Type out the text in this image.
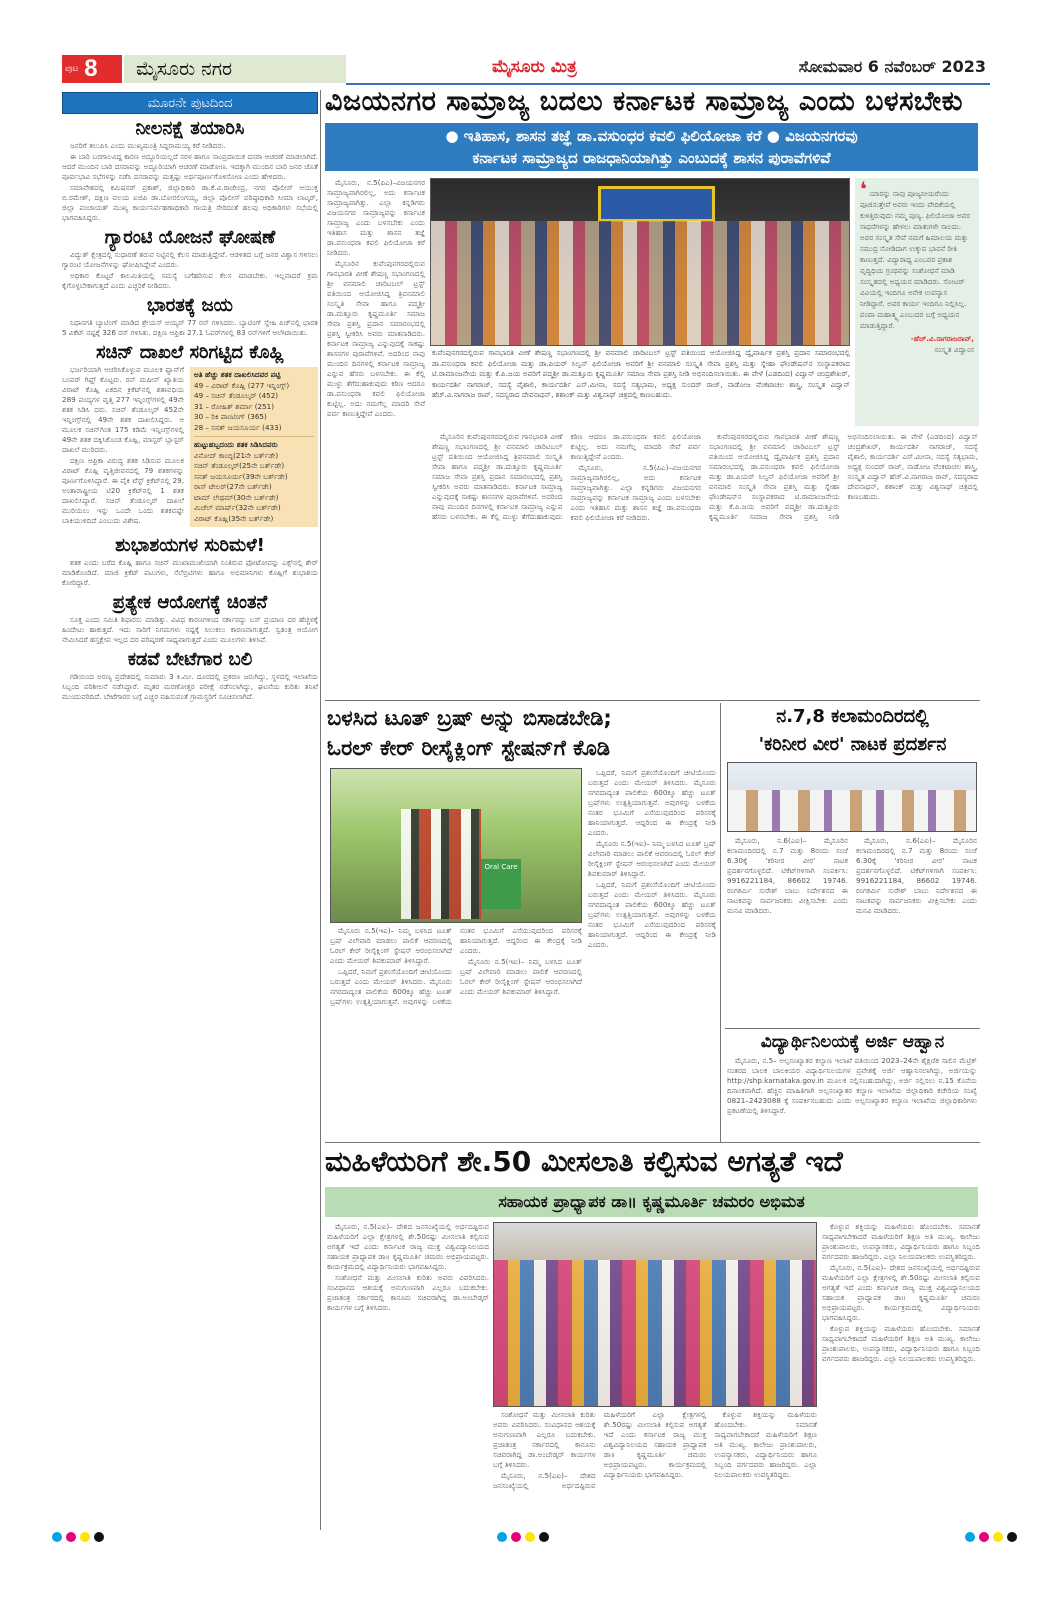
ಪುಟ 8	ಮೈಸೂರು ನಗರ	ಮೈಸೂರು ಮಿತ್ರ	ಸೋಮವಾರ 6 ನವೆಂಬರ್ 2023
ಮೂರನೇ ಪುಟದಿಂದ
ನೀಲನಕ್ಷೆ ತಯಾರಿಸಿ

ಜನರಿಗೆ ತಲುಪಿಸಿ ಎಂದು ಮುಖ್ಯಮಂತ್ರಿ ಸಿದ್ದರಾಮಯ್ಯ ಕರೆ ನೀಡಿದರು.

ಈ ಬಾರಿ ಬರಗಾಲವಿದ್ದ ಕಾರಣ ಅದ್ದೂರಿಯಲ್ಲದೆ ಸರಳ ಹಾಗೂ ಸಾಂಪ್ರದಾಯಿಕ ದಸರಾ ಆಚರಣೆ ಮಾಡಲಾಗಿದೆ. ಆದರೆ ಮುಂದಿನ ಬಾರಿ ದಸರಾವನ್ನು ಅದ್ದೂರಿಯಾಗಿ ಆಚರಣೆ ಮಾಡೋಣ. ಇದಕ್ಕಾಗಿ ಮುಂದಿನ ಬಾರಿ ಜನರ ಜೊತೆ ಪೂರ್ವಭಾವಿ ಸಭೆಗಳನ್ನು ನಡೆಸಿ ದಸರಾವನ್ನು ಮತ್ತಷ್ಟು ಅರ್ಥಪೂರ್ಣಗೊಳಿಸೋಣ ಎಂದು ಹೇಳಿದರು.

ಸಮಾವೇಶದಲ್ಲಿ ಕಮಿಷನರ್ ಪ್ರಕಾಶ್, ಜಿಲ್ಲಾಧಿಕಾರಿ ಡಾ.ಕೆ.ವಿ.ರಾಜೇಂದ್ರ, ನಗರ ಪೊಲೀಸ್ ಆಯುಕ್ತ ಬಿ.ರಮೇಶ್, ದಕ್ಷಿಣ ವಲಯ ಐಜಿಪಿ ಡಾ.ಬೋರಲಿಂಗಯ್ಯ, ಜಿಲ್ಲಾ ಪೊಲೀಸ್ ವರಿಷ್ಠಾಧಿಕಾರಿ ಸೀಮಾ ಲಾಟ್ಕರ್, ಜಿಲ್ಲಾ ಪಂಚಾಯತ್ ಮುಖ್ಯ ಕಾರ್ಯನಿರ್ವಹಣಾಧಿಕಾರಿ ಗಾಯತ್ರಿ ಸೇರಿದಂತೆ ಹಲವು ಅಧಿಕಾರಿಗಳು ಸಭೆಯಲ್ಲಿ ಭಾಗವಹಿಸಿದ್ದರು.

ಗ್ಯಾರಂಟಿ ಯೋಜನೆ ಘೋಷಣೆ

ವಿದ್ಯುತ್ ಕ್ಷೇತ್ರದಲ್ಲಿ ಸುಧಾರಣೆ ತರುವ ನಿಟ್ಟಿನಲ್ಲಿ ಕೆಲಸ ಮಾಡುತ್ತಿದ್ದೇವೆ. ಆಡಳಿತದ ಬಗ್ಗೆ ಜನರ ವಿಶ್ವಾಸ ಗಳಿಸಲು ಗ್ಯಾರಂಟಿ ಯೋಜನೆಗಳನ್ನು ಘೋಷಿಸಿದ್ದೇವೆ ಎಂದರು.

ಅಧಿಕಾರ ಕೊಟ್ಟರೆ ಕಾಲಮಿತಿಯಲ್ಲಿ ಸಮಸ್ಯೆ ಬಗೆಹರಿಸುವ ಕೆಲಸ ಮಾಡಬೇಕು. ಇಲ್ಲವಾದರೆ ಕ್ರಮ ಕೈಗೊಳ್ಳಬೇಕಾಗುತ್ತದೆ ಎಂದು ಎಚ್ಚರಿಕೆ ನೀಡಿದರು.

ಭಾರತಕ್ಕೆ ಜಯ

ನಿಧಾನಗತಿ ಬ್ಯಾಟಿಂಗ್ ಮಾಡಿದ ಶ್ರೇಯಸ್ ಅಯ್ಯರ್ 77 ರನ್ ಗಳಿಸಿದರು. ಬ್ಯಾಟಿಂಗ್ ಸ್ನೇಹಿ ಪಿಚ್‌ನಲ್ಲಿ ಭಾರತ 5 ವಿಕೆಟ್ ನಷ್ಟಕ್ಕೆ 326 ರನ್ ಗಳಿಸಿತು. ದಕ್ಷಿಣ ಆಫ್ರಿಕಾ 27.1 ಓವರ್‌ಗಳಲ್ಲಿ 83 ರನ್‌ಗಳಿಗೆ ಆಲೌಟಾಯಿತು.

ಸಚಿನ್ ದಾಖಲೆ ಸರಿಗಟ್ಟಿದ ಕೊಹ್ಲಿ
ಅತಿ ಹೆಚ್ಚು ಶತಕ ದಾಖಲಿಸಿದವರ ಪಟ್ಟಿ
49 – ವಿರಾಟ್ ಕೊಹ್ಲಿ (277 ಇನ್ನಿಂಗ್ಸ್)
49 – ಸಚಿನ್ ತೆಂಡೂಲ್ಕರ್ (452)
31 – ರೋಹಿತ್ ಶರ್ಮಾ (251)
30 – ರಿಕಿ ಪಾಂಟಿಂಗ್ (365)
28 – ಸನತ್ ಜಯಸೂರ್ಯ (433)
ಹುಟ್ಟುಹಬ್ಬದಂದು ಶತಕ ಸಿಡಿಸಿದವರು
ವಿನೋದ್ ಕಾಂಬ್ಳಿ(21ನೇ ಬರ್ತ್‌ಡೇ)
ಸಚಿನ್ ತೆಂಡೂಲ್ಕರ್(25ನೇ ಬರ್ತ್‌ಡೇ)
ಸನತ್ ಜಯಸೂರ್ಯ(39ನೇ ಬರ್ತ್‌ಡೇ)
ರಾಸ್ ಟೇಲರ್(27ನೇ ಬರ್ತ್‌ಡೇ)
ಟಾಮ್ ಲೇಥಮ್(30ನೇ ಬರ್ತ್‌ಡೇ)
ಮಿಚೆಲ್ ಮಾರ್ಷ್(32ನೇ ಬರ್ತ್‌ಡೇ)
ವಿರಾಟ್ ಕೊಹ್ಲಿ(35ನೇ ಬರ್ತ್‌ಡೇ)

ಭರ್ಜರಿಯಾಗಿ ಆಚರಿಸಿಕೊಳ್ಳುವ ಮೂಲಕ ಫ್ಯಾನ್‌ಗೆ ಬಂಪರ್ ಗಿಫ್ಟ್ ಕೊಟ್ಟರು. ರನ್ ಮಷೀನ್ ಖ್ಯಾತಿಯ ವಿರಾಟ್ ಕೊಹ್ಲಿ ಏಕದಿನ ಕ್ರಿಕೆಟ್‌ನಲ್ಲಿ ಶತಾವಧಿಯ 289 ಪಂದ್ಯಗಳ ವೃತ್ತಿ 277 ಇನ್ನಿಂಗ್ಸ್‌ಗಳಲ್ಲಿ 49ನೇ ಶತಕ ಸಿಡಿಸಿ ದರು. ಸಚಿನ್ ತೆಂಡೂಲ್ಕರ್ 452ನೇ ಇನ್ನಿಂಗ್ಸ್‌ನಲ್ಲಿ 49ನೇ ಶತಕ ದಾಖಲಿಸಿದ್ದರು. ಆ ಮೂಲಕ ಸಚಿನ್‌ಗಿಂತ 175 ಕಡಿಮೆ ಇನ್ನಿಂಗ್ಸ್‌ಗಳಲ್ಲಿ 49ನೇ ಶತಕ ದಕ್ಕಿಸಿಕೊಂಡ ಕೊಹ್ಲಿ, ಮಾಸ್ಟರ್ ಬ್ಲಾಸ್ಟರ್ ದಾಖಲೆ ಮುರಿದರು.

ದಕ್ಷಿಣ ಆಫ್ರಿಕಾ ವಿರುದ್ಧ ಶತಕ ಸಿಡಿಸುವ ಮೂಲಕ ವಿರಾಟ್ ಕೊಹ್ಲಿ ವೃತ್ತಿಜೀವನದಲ್ಲಿ 79 ಶತಕಗಳನ್ನು ಪೂರ್ಣಗೊಳಿಸಿದ್ದಾರೆ. ಈ ಪೈಕಿ ಟೆಸ್ಟ್ ಕ್ರಿಕೆಟ್‌ನಲ್ಲಿ 29, ಅಂತಾರಾಷ್ಟ್ರೀಯ ಟಿ20 ಕ್ರಿಕೆಟ್‌ನಲ್ಲಿ 1 ಶತಕ ದಾಖಲಿಸಿದ್ದಾರೆ. ಸಚಿನ್ ತೆಂಡೂಲ್ಕರ್ ದಾಖಲೆ ಮುರಿಯಲು ಇನ್ನು ಒಂದೇ ಒಂದು ಶತಕವಷ್ಟೇ ಬಾಕಿಯುಳಿದಿದೆ ಎಂಬುದು ವಿಶೇಷ.

ಶುಭಾಶಯಗಳ ಸುರಿಮಳೆ!

ಶತಕ ಎಂದು ಬರೆದ ಕೊಹ್ಲಿ ಹಾಗೂ ಸಚಿನ್ ಮುಖಾಮುಖಿಯಾಗಿ ನಿಂತಿರುವ ಫೋಟೋವನ್ನು ಎಕ್ಸ್‌ನಲ್ಲಿ ಶೇರ್ ಮಾಡಿಕೊಂಡಿದೆ. ಮಾಜಿ ಕ್ರಿಕೆಟ್ ಪಟುಗಳು, ಸೆಲೆಬ್ರಿಟಿಗಳು ಹಾಗೂ ಅಭಿಮಾನಿಗಳು ಕೊಹ್ಲಿಗೆ ಶುಭಾಶಯ ಕೋರಿದ್ದಾರೆ.

ಪ್ರತ್ಯೇಕ ಆಯೋಗಕ್ಕೆ ಚಿಂತನೆ

ಸೂಕ್ತ ಎಂದು ಸಮಿತಿ ಶಿಫಾರಸು ಮಾಡಿತ್ತು. ವಿವಿಧ ಕಾರಣಗಳಿಂದ ಸರ್ಕಾರದ್ದು ಬಸ್ ಪ್ರಯಾಣ ದರ ಹೆಚ್ಚಳಕ್ಕೆ ಹಿಂದೇಟು ಹಾಕುತ್ತದೆ. ಇದು ಸಾರಿಗೆ ನಿಗಮಗಳು ನಷ್ಟಕ್ಕೆ ಸಿಲುಕಲು ಕಾರಣವಾಗುತ್ತದೆ. ಸ್ವತಂತ್ರ ಆಯೋಗ ನೇಮಿಸಿದರೆ ಹಸ್ತಕ್ಷೇಪ ಇಲ್ಲದ ದರ ಪರಿಷ್ಕರಣೆ ಸಾಧ್ಯವಾಗುತ್ತದೆ ಎಂದು ಮೂಲಗಳು ತಿಳಿಸಿವೆ.

ಕಡವೆ ಬೇಟೆಗಾರ ಬಲಿ

ಗಡಿಯಿಂದ ಅರಣ್ಯ ಪ್ರದೇಶದಲ್ಲಿ ಸುಮಾರು 3 ಕಿ.ಮೀ. ದೂರದಲ್ಲಿ ಪ್ರಕರಣ ಜರುಗಿದ್ದು, ಸ್ಥಳದಲ್ಲಿ ಇಲಾಖೆಯ ಸಿಬ್ಬಂದಿ ಪರಿಶೀಲನೆ ನಡೆಸಿದ್ದಾರೆ. ಮೃತರ ಮರಣೋತ್ತರ ಪರೀಕ್ಷೆ ನಡೆಸಲಾಗಿದ್ದು, ಘಟನೆಯ ಕುರಿತು ತನಿಖೆ ಮುಂದುವರಿದಿದೆ. ಬೇಟೆಗಾರರ ಬಗ್ಗೆ ಎಚ್ಚರ ವಹಿಸುವಂತೆ ಗ್ರಾಮಸ್ಥರಿಗೆ ಸೂಚಿಸಲಾಗಿದೆ.

ವಿಜಯನಗರ ಸಾಮ್ರಾಜ್ಯ ಬದಲು ಕರ್ನಾಟಕ ಸಾಮ್ರಾಜ್ಯ ಎಂದು ಬಳಸಬೇಕು
● ಇತಿಹಾಸ, ಶಾಸನ ತಜ್ಞೆ ಡಾ.ವಸುಂಧರ ಕವಲಿ ಫಿಲಿಯೋಜಾ ಕರೆ ● ವಿಜಯನಗರವು
ಕರ್ನಾಟಕ ಸಾಮ್ರಾಜ್ಯದ ರಾಜಧಾನಿಯಾಗಿತ್ತು ಎಂಬುದಕ್ಕೆ ಶಾಸನ ಪುರಾವೆಗಳಿವೆ

ಮೈಸೂರು, ನ.5(ಪಿಎ)–ವಿಜಯನಗರ ಸಾಮ್ರಾಜ್ಯವಾಗಿರಲಿಲ್ಲ, ಅದು ಕರ್ನಾಟಕ ಸಾಮ್ರಾಜ್ಯವಾಗಿತ್ತು. ಎಲ್ಲಾ ಕನ್ನಡಿಗರು ವಿಜಯನಗರ ಸಾಮ್ರಾಜ್ಯವನ್ನು ಕರ್ನಾಟಕ ಸಾಮ್ರಾಜ್ಯ ಎಂದು ಬಳಸಬೇಕು ಎಂದು ಇತಿಹಾಸ ಮತ್ತು ಶಾಸನ ತಜ್ಞೆ ಡಾ.ವಸುಂಧರಾ ಕವಲಿ ಫಿಲಿಯೋಜಾ ಕರೆ ನೀಡಿದರು.

ಮೈಸೂರಿನ ಕುವೆಂಪುನಗರದಲ್ಲಿರುವ ಗಾನಭಾರತಿ ವೀಣೆ ಶೇಷಣ್ಣ ಸಭಾಂಗಣದಲ್ಲಿ ಶ್ರೀ ವನಮಾಲಿ ಚಾರಿಟಬಲ್ ಟ್ರಸ್ಟ್ ವತಿಯಿಂದ ಆಯೋಜಿಸಿದ್ದ ತ್ರಿವನಮಾಲಿ ಸಂಸ್ಕೃತಿ ಸೇವಾ ಹಾಗೂ ಪದ್ಮಶ್ರೀ ಡಾ.ಮತ್ತೂರು ಕೃಷ್ಣಮೂರ್ತಿ ಸಮಾಜ ಸೇವಾ ಪ್ರಶಸ್ತಿ ಪ್ರದಾನ ಸಮಾರಂಭದಲ್ಲಿ ಪ್ರಶಸ್ತಿ ಸ್ವೀಕರಿಸಿ ಅವರು ಮಾತನಾಡಿದರು. ಕರ್ನಾಟಕ ಸಾಮ್ರಾಜ್ಯ ಎನ್ನುವುದಕ್ಕೆ ಸಾಕಷ್ಟು ಶಾಸನಗಳ ಪುರಾವೆಗಳಿವೆ. ಅದರಿಂದ ನಾವು ಮುಂದಿನ ದಿನಗಳಲ್ಲಿ ಕರ್ನಾಟಕ ಸಾಮ್ರಾಜ್ಯ ಎನ್ನುವ ಹೆಸರು ಬಳಸಬೇಕು. ಈ ಕೆಲ್ಲಿ ಮುಳ್ಳು ತೆಗೆದುಹಾಕುವುದು ಕಠಿಣ ಆದರೂ ಡಾ.ವಸುಂಧರಾ ಕವಲಿ ಫಿಲಿಯೋಜಾ ಕುಟ್ಟಿಲ್ಲ. ಅದು ನಮಗೆಲ್ಲ ಮಾದರಿ ಸೇವೆ ಪರ್ವ ಕಾಣುತ್ತಿದ್ದೇವೆ ಎಂದರು.

ಕುವೆಂಪುನಗರದಲ್ಲಿರುವ ಗಾನಭಾರತಿ ವೀಣೆ ಶೇಷಣ್ಣ ಸಭಾಂಗಣದಲ್ಲಿ ಶ್ರೀ ವನಮಾಲಿ ಚಾರಿಟಬಲ್ ಟ್ರಸ್ಟ್ ವತಿಯಿಂದ ಆಯೋಜಿಸಿದ್ದ ದ್ವೈವಾರ್ಷಿಕ ಪ್ರಶಸ್ತಿ ಪ್ರದಾನ ಸಮಾರಂಭದಲ್ಲಿ ಡಾ.ವಸುಂಧರಾ ಕವಲಿ ಫಿಲಿಯೋಜಾ ಮತ್ತು ಡಾ.ಪಿಯರ್ ಸಿಲ್ವನ್ ಫಿಲಿಯೋಜಾ ಅವರಿಗೆ ಶ್ರೀ ವನಮಾಲಿ ಸಂಸ್ಕೃತಿ ಸೇವಾ ಪ್ರಶಸ್ತಿ ಮತ್ತು ಸ್ನೇಹಾ ಫೌಂಡೇಷನ್‌ನ ಸಂಸ್ಥಾಪಕರಾದ ಟಿ.ರಾಮಾಂಜನೇಯ ಮತ್ತು ಕೆ.ಪಿ.ಜಯ ಅವರಿಗೆ ಪದ್ಮಶ್ರೀ ಡಾ.ಮತ್ತೂರು ಕೃಷ್ಣಮೂರ್ತಿ ಸಮಾಜ ಸೇವಾ ಪ್ರಶಸ್ತಿ ನೀಡಿ ಅಭಿನಂದಿಸಲಾಯಿತು. ಈ ವೇಳೆ (ಎಡದಿಂದ) ವಿದ್ವಾನ್ ಚಂದ್ರಶೇಖರ್, ಕಾರ್ಯದರ್ಶಿ ನಾಗರಾಜ್, ಸದಸ್ಯೆ ವೈಶಾಲಿ, ಕಾರ್ಯದರ್ಶಿ ಎಸ್.ಮೀನಾ, ಸದಸ್ಯೆ ಸತ್ಯಭಾಮ, ಅಧ್ಯಕ್ಷ ಸುಂದರ್ ರಾಜ್, ನಾಡೋಜ ವೆಂಕಟಾಚಲ ಶಾಸ್ತ್ರಿ, ಸಂಸ್ಕೃತ ವಿದ್ವಾನ್ ಹೆಚ್.ವಿ.ನಾಗರಾಜ ರಾವ್, ಸದಸ್ಯರಾದ ದೇವನಾಥನ್, ಶಶಾಂಕ್ ಮತ್ತು ವಿಶ್ವನಾಥ್ ಚಿತ್ರದಲ್ಲಿ ಕಾಣಬಹುದು.
❛ ಯಾರನ್ನು ನಾವು ಪೂಜ್ಯನೀಯರೆಂದು ಪೂಜಿಸುತ್ತೇವೆ ಅವರು ಇಂದು ವೇದಿಕೆಯಲ್ಲಿ ಕುಳಿತ್ತಿರುವುದು ನಮ್ಮ ಪುಣ್ಯ. ಫಿಲಿಯೋಜಾ ಅವರ ಸಾಧನೆಗಳನ್ನು ಹೇಳಲು ಮಾತುಗಳೇ ಸಾಲದು. ಅವರ ಸಂಸ್ಕೃತ ಸೇವೆ ನಮಗೆ ಹಿಮಾಲಯ ಮತ್ತು ಸಮುದ್ರ ನೋಡಿದಾಗ ಉಕ್ಕುವ ಭಾವನೆ ರೀತಿ ಕಾಣುತ್ತದೆ. ವಿದ್ಯಾರಾಧ್ಯ ಎಂಬವರ ಪ್ರಕಾಶ ವೃದ್ಧಿಧಿಯ ಗ್ರಂಥವನ್ನು ಸಂಶೋಧನೆ ಮಾಡಿ ಸಂಸ್ಕೃತದಲ್ಲಿ ಅಧ್ಯಯನ ಮಾಡಿದರು. ಸೋಟರ್ ವಿವಿಯಲ್ಲಿ ಇಂದಿಗೂ ಅನೇಕ ಉಪನ್ಯಾಸ ನೀಡಿದ್ದಾರೆ. ಅವರ ಕಾರ್ಯ ಇಂದಿಗೂ ನಿಲ್ಲಿಸಿಲ್ಲ. ಪಂಪಾ ಮಹಾತ್ಮ್ಯ ಎಂಬುದರ ಬಗ್ಗೆ ಅಧ್ಯಯನ ಮಾಡುತ್ತಿದ್ದಾರೆ.
-ಹೆಚ್.ವಿ.ನಾಗರಾಜರಾವ್,
ಸಂಸ್ಕೃತ ವಿದ್ವಾಂಸ

ಮೈಸೂರಿನ ಕುವೆಂಪುನಗರದಲ್ಲಿರುವ ಗಾನಭಾರತಿ ವೀಣೆ ಶೇಷಣ್ಣ ಸಭಾಂಗಣದಲ್ಲಿ ಶ್ರೀ ವನಮಾಲಿ ಚಾರಿಟಬಲ್ ಟ್ರಸ್ಟ್ ವತಿಯಿಂದ ಆಯೋಜಿಸಿದ್ದ ತ್ರಿವನಮಾಲಿ ಸಂಸ್ಕೃತಿ ಸೇವಾ ಹಾಗೂ ಪದ್ಮಶ್ರೀ ಡಾ.ಮತ್ತೂರು ಕೃಷ್ಣಮೂರ್ತಿ ಸಮಾಜ ಸೇವಾ ಪ್ರಶಸ್ತಿ ಪ್ರದಾನ ಸಮಾರಂಭದಲ್ಲಿ ಪ್ರಶಸ್ತಿ ಸ್ವೀಕರಿಸಿ ಅವರು ಮಾತನಾಡಿದರು. ಕರ್ನಾಟಕ ಸಾಮ್ರಾಜ್ಯ ಎನ್ನುವುದಕ್ಕೆ ಸಾಕಷ್ಟು ಶಾಸನಗಳ ಪುರಾವೆಗಳಿವೆ. ಅದರಿಂದ ನಾವು ಮುಂದಿನ ದಿನಗಳಲ್ಲಿ ಕರ್ನಾಟಕ ಸಾಮ್ರಾಜ್ಯ ಎನ್ನುವ ಹೆಸರು ಬಳಸಬೇಕು. ಈ ಕೆಲ್ಲಿ ಮುಳ್ಳು ತೆಗೆದುಹಾಕುವುದು ಕಠಿಣ ಆದರೂ ಡಾ.ವಸುಂಧರಾ ಕವಲಿ ಫಿಲಿಯೋಜಾ ಕುಟ್ಟಿಲ್ಲ. ಅದು ನಮಗೆಲ್ಲ ಮಾದರಿ ಸೇವೆ ಪರ್ವ ಕಾಣುತ್ತಿದ್ದೇವೆ ಎಂದರು.

ಮೈಸೂರು, ನ.5(ಪಿಎ)–ವಿಜಯನಗರ ಸಾಮ್ರಾಜ್ಯವಾಗಿರಲಿಲ್ಲ, ಅದು ಕರ್ನಾಟಕ ಸಾಮ್ರಾಜ್ಯವಾಗಿತ್ತು. ಎಲ್ಲಾ ಕನ್ನಡಿಗರು ವಿಜಯನಗರ ಸಾಮ್ರಾಜ್ಯವನ್ನು ಕರ್ನಾಟಕ ಸಾಮ್ರಾಜ್ಯ ಎಂದು ಬಳಸಬೇಕು ಎಂದು ಇತಿಹಾಸ ಮತ್ತು ಶಾಸನ ತಜ್ಞೆ ಡಾ.ವಸುಂಧರಾ ಕವಲಿ ಫಿಲಿಯೋಜಾ ಕರೆ ನೀಡಿದರು.

ಕುವೆಂಪುನಗರದಲ್ಲಿರುವ ಗಾನಭಾರತಿ ವೀಣೆ ಶೇಷಣ್ಣ ಸಭಾಂಗಣದಲ್ಲಿ ಶ್ರೀ ವನಮಾಲಿ ಚಾರಿಟಬಲ್ ಟ್ರಸ್ಟ್ ವತಿಯಿಂದ ಆಯೋಜಿಸಿದ್ದ ದ್ವೈವಾರ್ಷಿಕ ಪ್ರಶಸ್ತಿ ಪ್ರದಾನ ಸಮಾರಂಭದಲ್ಲಿ ಡಾ.ವಸುಂಧರಾ ಕವಲಿ ಫಿಲಿಯೋಜಾ ಮತ್ತು ಡಾ.ಪಿಯರ್ ಸಿಲ್ವನ್ ಫಿಲಿಯೋಜಾ ಅವರಿಗೆ ಶ್ರೀ ವನಮಾಲಿ ಸಂಸ್ಕೃತಿ ಸೇವಾ ಪ್ರಶಸ್ತಿ ಮತ್ತು ಸ್ನೇಹಾ ಫೌಂಡೇಷನ್‌ನ ಸಂಸ್ಥಾಪಕರಾದ ಟಿ.ರಾಮಾಂಜನೇಯ ಮತ್ತು ಕೆ.ಪಿ.ಜಯ ಅವರಿಗೆ ಪದ್ಮಶ್ರೀ ಡಾ.ಮತ್ತೂರು ಕೃಷ್ಣಮೂರ್ತಿ ಸಮಾಜ ಸೇವಾ ಪ್ರಶಸ್ತಿ ನೀಡಿ ಅಭಿನಂದಿಸಲಾಯಿತು. ಈ ವೇಳೆ (ಎಡದಿಂದ) ವಿದ್ವಾನ್ ಚಂದ್ರಶೇಖರ್, ಕಾರ್ಯದರ್ಶಿ ನಾಗರಾಜ್, ಸದಸ್ಯೆ ವೈಶಾಲಿ, ಕಾರ್ಯದರ್ಶಿ ಎಸ್.ಮೀನಾ, ಸದಸ್ಯೆ ಸತ್ಯಭಾಮ, ಅಧ್ಯಕ್ಷ ಸುಂದರ್ ರಾಜ್, ನಾಡೋಜ ವೆಂಕಟಾಚಲ ಶಾಸ್ತ್ರಿ, ಸಂಸ್ಕೃತ ವಿದ್ವಾನ್ ಹೆಚ್.ವಿ.ನಾಗರಾಜ ರಾವ್, ಸದಸ್ಯರಾದ ದೇವನಾಥನ್, ಶಶಾಂಕ್ ಮತ್ತು ವಿಶ್ವನಾಥ್ ಚಿತ್ರದಲ್ಲಿ ಕಾಣಬಹುದು.

ಬಳಸಿದ ಟೂತ್ ಬ್ರಷ್ ಅನ್ನು ಬಿಸಾಡಬೇಡಿ;
ಓರಲ್ ಕೇರ್ ರೀಸೈಕ್ಲಿಂಗ್ ಸ್ಟೇಷನ್‌ಗೆ ಕೊಡಿ
Oral Care

ಒಪ್ಪಿದರೆ, ನಿಮಗೆ ಪ್ರಶಂಸೆಯೊಂದಿಗೆ ಚೀಟಿಯೊಂದು ಬರುತ್ತದೆ ಎಂದು ಮೇಯರ್ ತಿಳಿಸಿದರು. ಮೈಸೂರು ನಗರದಾದ್ಯಂತ ಪಾಲಿಕೆಯ 600ಕ್ಕೂ ಹೆಚ್ಚು ಟೂತ್ ಬ್ರಷ್‌ಗಳು ಉತ್ಪತ್ತಿಯಾಗುತ್ತವೆ. ಅವುಗಳನ್ನು ಬಳಕೆಯ ನಂತರ ಭೂಮಿಗೆ ಎಸೆಯುವುದರಿಂದ ಪರಿಸರಕ್ಕೆ ಹಾನಿಯಾಗುತ್ತದೆ. ಆದ್ದರಿಂದ ಈ ಕೇಂದ್ರಕ್ಕೆ ನೀಡಿ ಎಂದರು.

ಮೈಸೂರು ನ.5(ಇಐ)– ನಿಮ್ಮ ಬಳಸಿದ ಟೂತ್ ಬ್ರಷ್ ವಿಲೇವಾರಿ ಮಾಡಲು ಪಾಲಿಕೆ ಆವರಣದಲ್ಲಿ ಓರಲ್ ಕೇರ್ ರೀಸೈಕ್ಲಿಂಗ್ ಸ್ಟೇಷನ್ ಆರಂಭಿಸಲಾಗಿದೆ ಎಂದು ಮೇಯರ್ ಶಿವಕುಮಾರ್ ತಿಳಿಸಿದ್ದಾರೆ.

ಒಪ್ಪಿದರೆ, ನಿಮಗೆ ಪ್ರಶಂಸೆಯೊಂದಿಗೆ ಚೀಟಿಯೊಂದು ಬರುತ್ತದೆ ಎಂದು ಮೇಯರ್ ತಿಳಿಸಿದರು. ಮೈಸೂರು ನಗರದಾದ್ಯಂತ ಪಾಲಿಕೆಯ 600ಕ್ಕೂ ಹೆಚ್ಚು ಟೂತ್ ಬ್ರಷ್‌ಗಳು ಉತ್ಪತ್ತಿಯಾಗುತ್ತವೆ. ಅವುಗಳನ್ನು ಬಳಕೆಯ ನಂತರ ಭೂಮಿಗೆ ಎಸೆಯುವುದರಿಂದ ಪರಿಸರಕ್ಕೆ ಹಾನಿಯಾಗುತ್ತದೆ. ಆದ್ದರಿಂದ ಈ ಕೇಂದ್ರಕ್ಕೆ ನೀಡಿ ಎಂದರು.

ಮೈಸೂರು ನ.5(ಇಐ)– ನಿಮ್ಮ ಬಳಸಿದ ಟೂತ್ ಬ್ರಷ್ ವಿಲೇವಾರಿ ಮಾಡಲು ಪಾಲಿಕೆ ಆವರಣದಲ್ಲಿ ಓರಲ್ ಕೇರ್ ರೀಸೈಕ್ಲಿಂಗ್ ಸ್ಟೇಷನ್ ಆರಂಭಿಸಲಾಗಿದೆ ಎಂದು ಮೇಯರ್ ಶಿವಕುಮಾರ್ ತಿಳಿಸಿದ್ದಾರೆ.

ಒಪ್ಪಿದರೆ, ನಿಮಗೆ ಪ್ರಶಂಸೆಯೊಂದಿಗೆ ಚೀಟಿಯೊಂದು ಬರುತ್ತದೆ ಎಂದು ಮೇಯರ್ ತಿಳಿಸಿದರು. ಮೈಸೂರು ನಗರದಾದ್ಯಂತ ಪಾಲಿಕೆಯ 600ಕ್ಕೂ ಹೆಚ್ಚು ಟೂತ್ ಬ್ರಷ್‌ಗಳು ಉತ್ಪತ್ತಿಯಾಗುತ್ತವೆ. ಅವುಗಳನ್ನು ಬಳಕೆಯ ನಂತರ ಭೂಮಿಗೆ ಎಸೆಯುವುದರಿಂದ ಪರಿಸರಕ್ಕೆ ಹಾನಿಯಾಗುತ್ತದೆ. ಆದ್ದರಿಂದ ಈ ಕೇಂದ್ರಕ್ಕೆ ನೀಡಿ ಎಂದರು.

ಮೈಸೂರು ನ.5(ಇಐ)– ನಿಮ್ಮ ಬಳಸಿದ ಟೂತ್ ಬ್ರಷ್ ವಿಲೇವಾರಿ ಮಾಡಲು ಪಾಲಿಕೆ ಆವರಣದಲ್ಲಿ ಓರಲ್ ಕೇರ್ ರೀಸೈಕ್ಲಿಂಗ್ ಸ್ಟೇಷನ್ ಆರಂಭಿಸಲಾಗಿದೆ ಎಂದು ಮೇಯರ್ ಶಿವಕುಮಾರ್ ತಿಳಿಸಿದ್ದಾರೆ.

ನ.7,8 ಕಲಾಮಂದಿರದಲ್ಲಿ
'ಕರಿನೀರ ವೀರ' ನಾಟಕ ಪ್ರದರ್ಶನ

ಮೈಸೂರು, ನ.6(ಎಐ)– ಮೈಸೂರಿನ ಕಲಾಮಂದಿರದಲ್ಲಿ ನ.7 ಮತ್ತು 8ರಂದು ಸಂಜೆ 6.30ಕ್ಕೆ 'ಕರಿನೀರ ವೀರ' ನಾಟಕ ಪ್ರದರ್ಶನಗೊಳ್ಳಲಿದೆ. ಟಿಕೆಟ್‌ಗಳಿಗಾಗಿ ಸಂಪರ್ಕಿಸಿ: 9916221184, 86602 19746. ರಂಗಕರ್ಮಿ ಸುರೇಶ್ ಬಾಬು ನಿರ್ದೇಶನದ ಈ ನಾಟಕವನ್ನು ಸಾರ್ವಜನಿಕರು ವೀಕ್ಷಿಸಬೇಕು ಎಂದು ಮನವಿ ಮಾಡಿದರು.

ಮೈಸೂರು, ನ.6(ಎಐ)– ಮೈಸೂರಿನ ಕಲಾಮಂದಿರದಲ್ಲಿ ನ.7 ಮತ್ತು 8ರಂದು ಸಂಜೆ 6.30ಕ್ಕೆ 'ಕರಿನೀರ ವೀರ' ನಾಟಕ ಪ್ರದರ್ಶನಗೊಳ್ಳಲಿದೆ. ಟಿಕೆಟ್‌ಗಳಿಗಾಗಿ ಸಂಪರ್ಕಿಸಿ: 9916221184, 86602 19746. ರಂಗಕರ್ಮಿ ಸುರೇಶ್ ಬಾಬು ನಿರ್ದೇಶನದ ಈ ನಾಟಕವನ್ನು ಸಾರ್ವಜನಿಕರು ವೀಕ್ಷಿಸಬೇಕು ಎಂದು ಮನವಿ ಮಾಡಿದರು.

ವಿದ್ಯಾರ್ಥಿನಿಲಯಕ್ಕೆ ಅರ್ಜಿ ಆಹ್ವಾನ

ಮೈಸೂರು, ನ.5– ಅಲ್ಪಸಂಖ್ಯಾತರ ಕಲ್ಯಾಣ ಇಲಾಖೆ ವತಿಯಿಂದ 2023–24ನೇ ಶೈಕ್ಷಣಿಕ ಸಾಲಿನ ಮೆಟ್ರಿಕ್ ನಂತರದ ಬಾಲಕ ಬಾಲಕಿಯರ ವಿದ್ಯಾರ್ಥಿನಿಲಯಗಳ ಪ್ರವೇಶಕ್ಕೆ ಅರ್ಜಿ ಆಹ್ವಾನಿಸಲಾಗಿದ್ದು, ಅರ್ಜಿಯನ್ನು http://shp.karnataka.gov.in ಮೂಲಕ ಸಲ್ಲಿಸಬಹುದಾಗಿದ್ದು, ಅರ್ಜಿ ಸಲ್ಲಿಸಲು ನ.15 ಕೊನೆಯ ದಿನಾಂಕವಾಗಿದೆ. ಹೆಚ್ಚಿನ ಮಾಹಿತಿಗಾಗಿ ಅಲ್ಪಸಂಖ್ಯಾತರ ಕಲ್ಯಾಣ ಇಲಾಖೆಯ ಜಿಲ್ಲಾಧಿಕಾರಿ ಕಚೇರಿಯ ಸಂಖ್ಯೆ 0821–2423088 ಕ್ಕೆ ಸಂಪರ್ಕಿಸಬಹುದು ಎಂದು ಅಲ್ಪಸಂಖ್ಯಾತರ ಕಲ್ಯಾಣ ಇಲಾಖೆಯ ಜಿಲ್ಲಾಧಿಕಾರಿಗಳು ಪ್ರಕಟಣೆಯಲ್ಲಿ ತಿಳಿಸಿದ್ದಾರೆ.

ಮಹಿಳೆಯರಿಗೆ ಶೇ.50 ಮೀಸಲಾತಿ ಕಲ್ಪಿಸುವ ಅಗತ್ಯತೆ ಇದೆ
ಸಹಾಯಕ ಪ್ರಾಧ್ಯಾಪಕ ಡಾ॥ ಕೃಷ್ಣಮೂರ್ತಿ ಚಮರಂ ಅಭಿಮತ

ಮೈಸೂರು, ನ.5(ಎಐ)– ದೇಶದ ಜನಸಂಖ್ಯೆಯಲ್ಲಿ ಅರ್ಧದಷ್ಟಿರುವ ಮಹಿಳೆಯರಿಗೆ ಎಲ್ಲಾ ಕ್ಷೇತ್ರಗಳಲ್ಲಿ ಶೇ.50ರಷ್ಟು ಮೀಸಲಾತಿ ಕಲ್ಪಿಸುವ ಅಗತ್ಯತೆ ಇದೆ ಎಂದು ಕರ್ನಾಟಕ ರಾಜ್ಯ ಮುಕ್ತ ವಿಶ್ವವಿದ್ಯಾನಿಲಯದ ಸಹಾಯಕ ಪ್ರಾಧ್ಯಾಪಕ ಡಾ॥ ಕೃಷ್ಣಮೂರ್ತಿ ಚಮರಂ ಅಭಿಪ್ರಾಯಪಟ್ಟರು. ಕಾರ್ಯಕ್ರಮದಲ್ಲಿ ವಿದ್ಯಾರ್ಥಿನಿಯರು ಭಾಗವಹಿಸಿದ್ದರು.

ಸಂಶೋಧನೆ ಮತ್ತು ಮೀಸಲಾತಿ ಕುರಿತು ಅವರು ವಿವರಿಸಿದರು. ಸಂವಿಧಾನದ ಆಶಯಕ್ಕೆ ಅನುಗುಣವಾಗಿ ಎಲ್ಲರೂ ಬದುಕಬೇಕು. ಪ್ರಜಾತಂತ್ರ ಸರ್ಕಾರದಲ್ಲಿ ಕಾನೂನು ಸಚಿವರಾಗಿದ್ದ ಡಾ.ಅಂಬೇಡ್ಕರ್ ಕಾರ್ಯಗಳ ಬಗ್ಗೆ ತಿಳಿಸಿದರು.

ಸಂಶೋಧನೆ ಮತ್ತು ಮೀಸಲಾತಿ ಕುರಿತು ಅವರು ವಿವರಿಸಿದರು. ಸಂವಿಧಾನದ ಆಶಯಕ್ಕೆ ಅನುಗುಣವಾಗಿ ಎಲ್ಲರೂ ಬದುಕಬೇಕು. ಪ್ರಜಾತಂತ್ರ ಸರ್ಕಾರದಲ್ಲಿ ಕಾನೂನು ಸಚಿವರಾಗಿದ್ದ ಡಾ.ಅಂಬೇಡ್ಕರ್ ಕಾರ್ಯಗಳ ಬಗ್ಗೆ ತಿಳಿಸಿದರು.

ಮೈಸೂರು, ನ.5(ಎಐ)– ದೇಶದ ಜನಸಂಖ್ಯೆಯಲ್ಲಿ ಅರ್ಧದಷ್ಟಿರುವ ಮಹಿಳೆಯರಿಗೆ ಎಲ್ಲಾ ಕ್ಷೇತ್ರಗಳಲ್ಲಿ ಶೇ.50ರಷ್ಟು ಮೀಸಲಾತಿ ಕಲ್ಪಿಸುವ ಅಗತ್ಯತೆ ಇದೆ ಎಂದು ಕರ್ನಾಟಕ ರಾಜ್ಯ ಮುಕ್ತ ವಿಶ್ವವಿದ್ಯಾನಿಲಯದ ಸಹಾಯಕ ಪ್ರಾಧ್ಯಾಪಕ ಡಾ॥ ಕೃಷ್ಣಮೂರ್ತಿ ಚಮರಂ ಅಭಿಪ್ರಾಯಪಟ್ಟರು. ಕಾರ್ಯಕ್ರಮದಲ್ಲಿ ವಿದ್ಯಾರ್ಥಿನಿಯರು ಭಾಗವಹಿಸಿದ್ದರು.

ಕೊಳ್ಳುವ ಶಕ್ತಿಯನ್ನು ಮಹಿಳೆಯರು ಹೊಂದಬೇಕು. ಸಮಾನತೆ ಸಾಧ್ಯವಾಗಬೇಕಾದರೆ ಮಹಿಳೆಯರಿಗೆ ಶಿಕ್ಷಣ ಅತಿ ಮುಖ್ಯ. ಕಾಲೇಜು ಪ್ರಾಂಶುಪಾಲರು, ಉಪನ್ಯಾಸಕರು, ವಿದ್ಯಾರ್ಥಿನಿಯರು ಹಾಗೂ ಸಿಬ್ಬಂದಿ ವರ್ಗದವರು ಹಾಜರಿದ್ದರು. ಎಲ್ಲಾ ನಿಲಯಪಾಲಕರು ಉಪಸ್ಥಿತರಿದ್ದರು.

ಕೊಳ್ಳುವ ಶಕ್ತಿಯನ್ನು ಮಹಿಳೆಯರು ಹೊಂದಬೇಕು. ಸಮಾನತೆ ಸಾಧ್ಯವಾಗಬೇಕಾದರೆ ಮಹಿಳೆಯರಿಗೆ ಶಿಕ್ಷಣ ಅತಿ ಮುಖ್ಯ. ಕಾಲೇಜು ಪ್ರಾಂಶುಪಾಲರು, ಉಪನ್ಯಾಸಕರು, ವಿದ್ಯಾರ್ಥಿನಿಯರು ಹಾಗೂ ಸಿಬ್ಬಂದಿ ವರ್ಗದವರು ಹಾಜರಿದ್ದರು. ಎಲ್ಲಾ ನಿಲಯಪಾಲಕರು ಉಪಸ್ಥಿತರಿದ್ದರು.

ಮೈಸೂರು, ನ.5(ಎಐ)– ದೇಶದ ಜನಸಂಖ್ಯೆಯಲ್ಲಿ ಅರ್ಧದಷ್ಟಿರುವ ಮಹಿಳೆಯರಿಗೆ ಎಲ್ಲಾ ಕ್ಷೇತ್ರಗಳಲ್ಲಿ ಶೇ.50ರಷ್ಟು ಮೀಸಲಾತಿ ಕಲ್ಪಿಸುವ ಅಗತ್ಯತೆ ಇದೆ ಎಂದು ಕರ್ನಾಟಕ ರಾಜ್ಯ ಮುಕ್ತ ವಿಶ್ವವಿದ್ಯಾನಿಲಯದ ಸಹಾಯಕ ಪ್ರಾಧ್ಯಾಪಕ ಡಾ॥ ಕೃಷ್ಣಮೂರ್ತಿ ಚಮರಂ ಅಭಿಪ್ರಾಯಪಟ್ಟರು. ಕಾರ್ಯಕ್ರಮದಲ್ಲಿ ವಿದ್ಯಾರ್ಥಿನಿಯರು ಭಾಗವಹಿಸಿದ್ದರು.

ಕೊಳ್ಳುವ ಶಕ್ತಿಯನ್ನು ಮಹಿಳೆಯರು ಹೊಂದಬೇಕು. ಸಮಾನತೆ ಸಾಧ್ಯವಾಗಬೇಕಾದರೆ ಮಹಿಳೆಯರಿಗೆ ಶಿಕ್ಷಣ ಅತಿ ಮುಖ್ಯ. ಕಾಲೇಜು ಪ್ರಾಂಶುಪಾಲರು, ಉಪನ್ಯಾಸಕರು, ವಿದ್ಯಾರ್ಥಿನಿಯರು ಹಾಗೂ ಸಿಬ್ಬಂದಿ ವರ್ಗದವರು ಹಾಜರಿದ್ದರು. ಎಲ್ಲಾ ನಿಲಯಪಾಲಕರು ಉಪಸ್ಥಿತರಿದ್ದರು.
